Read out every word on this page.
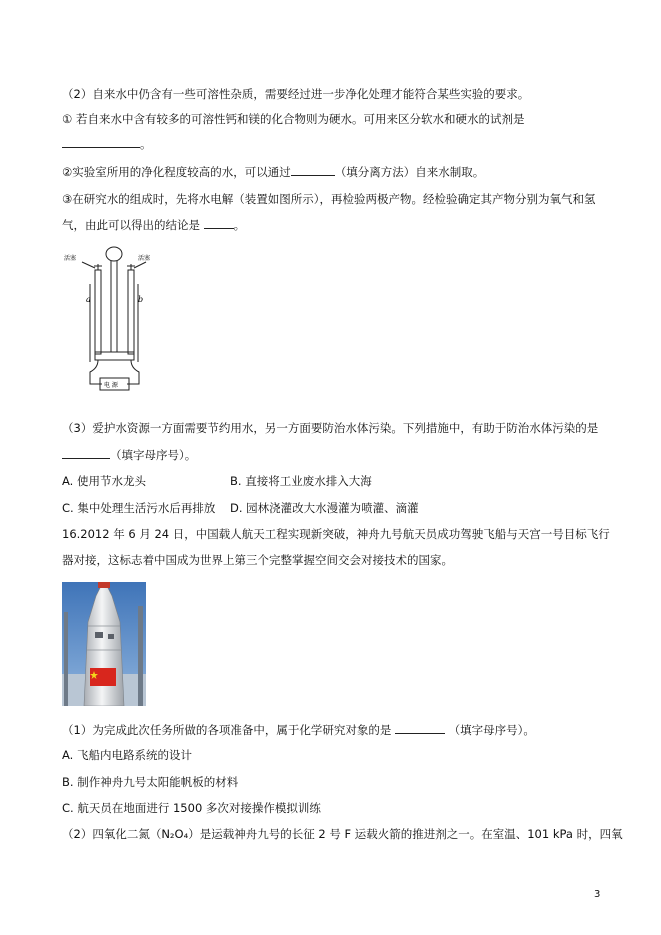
（2）自来水中仍含有一些可溶性杂质，需要经过进一步净化处理才能符合某些实验的要求。
① 若自来水中含有较多的可溶性钙和镁的化合物则为硬水。可用来区分软水和硬水的试剂是
。
②实验室所用的净化程度较高的水，可以通过	（填分离方法）自来水制取。
③在研究水的组成时，先将水电解（装置如图所示），再检验两极产物。经检验确定其产物分别为氧气和氢
气，由此可以得出的结论是	。
活塞	活塞
a	b
电 源
（3）爱护水资源一方面需要节约用水，另一方面要防治水体污染。下列措施中，有助于防治水体污染的是
（填字母序号）。
A. 使用节水龙头	B. 直接将工业废水排入大海
C. 集中处理生活污水后再排放 D. 园林浇灌改大水漫灌为喷灌、滴灌
16.2012 年 6 月 24 日，中国载人航天工程实现新突破，神舟九号航天员成功驾驶飞船与天宫一号目标飞行
器对接，这标志着中国成为世界上第三个完整掌握空间交会对接技术的国家。
（1）为完成此次任务所做的各项准备中，属于化学研究对象的是	（填字母序号）。
A. 飞船内电路系统的设计
B. 制作神舟九号太阳能帆板的材料
C. 航天员在地面进行 1500 多次对接操作模拟训练
（2）四氧化二氮（N₂O₄）是运载神舟九号的长征 2 号 F 运载火箭的推进剂之一。在室温、101 kPa 时，四氧
3
